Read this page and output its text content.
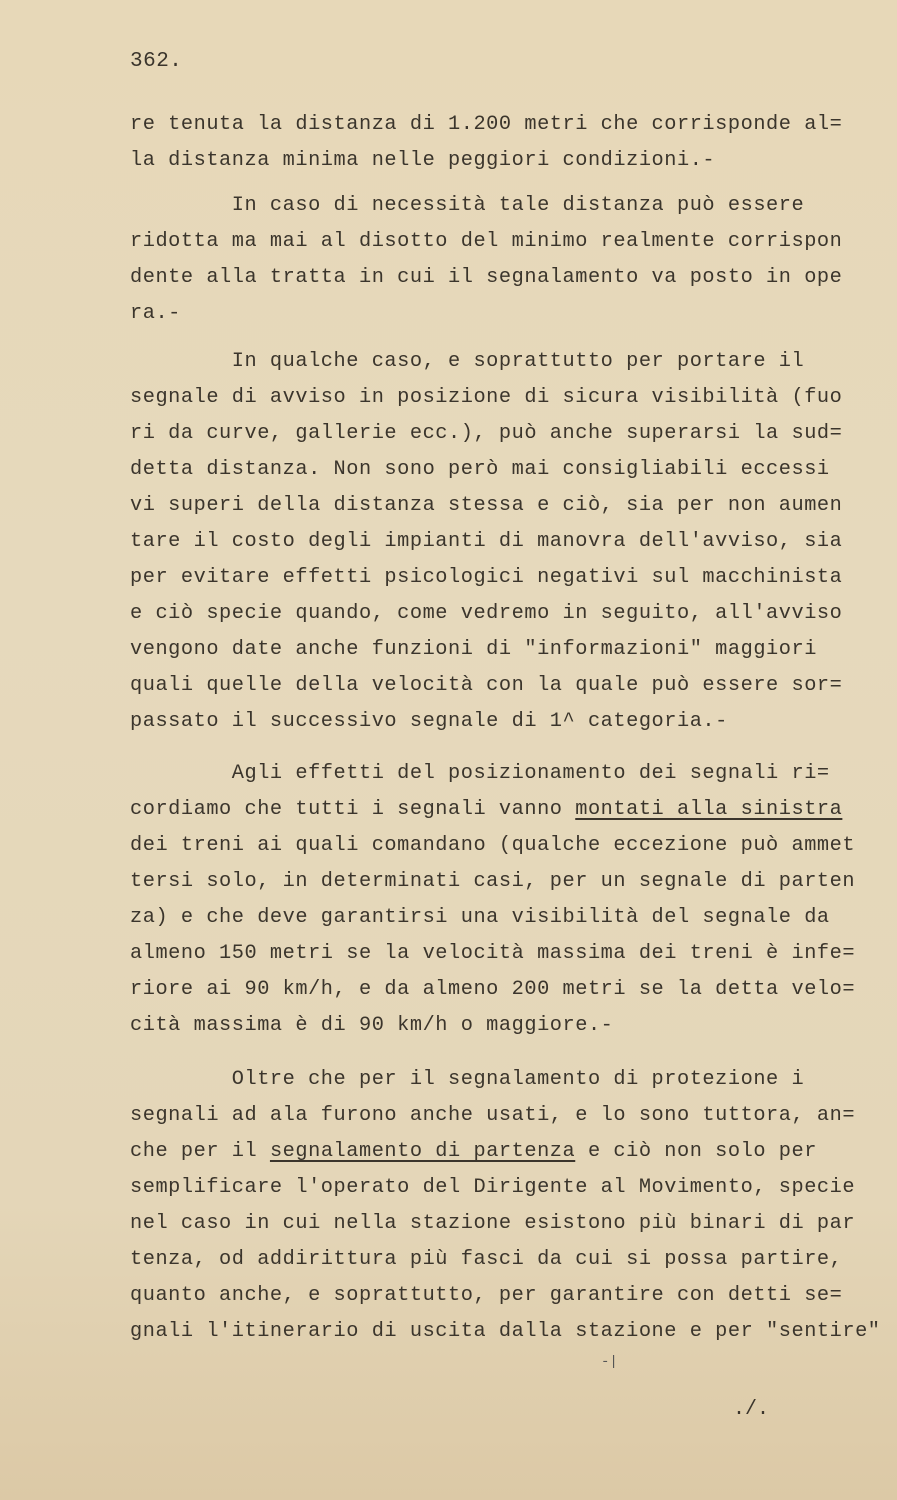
362.
re tenuta la distanza di 1.200 metri che corrisponde al=
la distanza minima nelle peggiori condizioni.-
In caso di necessità tale distanza può essere
ridotta ma mai al disotto del minimo realmente corrispon
dente alla tratta in cui il segnalamento va posto in ope
ra.-
In qualche caso, e soprattutto per portare il
segnale di avviso in posizione di sicura visibilità (fuo
ri da curve, gallerie ecc.), può anche superarsi la sud=
detta distanza. Non sono però mai consigliabili eccessi
vi superi della distanza stessa e ciò, sia per non aumen
tare il costo degli impianti di manovra dell'avviso, sia
per evitare effetti psicologici negativi sul macchinista
e ciò specie quando, come vedremo in seguito, all'avviso
vengono date anche funzioni di "informazioni" maggiori
quali quelle della velocità con la quale può essere sor=
passato il successivo segnale di 1^ categoria.-
Agli effetti del posizionamento dei segnali ri=
cordiamo che tutti i segnali vanno montati alla sinistra
dei treni ai quali comandano (qualche eccezione può ammet
tersi solo, in determinati casi, per un segnale di parten
za) e che deve garantirsi una visibilità del segnale da
almeno 150 metri se la velocità massima dei treni è infe=
riore ai 90 km/h, e da almeno 200 metri se la detta velo=
cità massima è di 90 km/h o maggiore.-
Oltre che per il segnalamento di protezione i
segnali ad ala furono anche usati, e lo sono tuttora, an=
che per il segnalamento di partenza e ciò non solo per
semplificare l'operato del Dirigente al Movimento, specie
nel caso in cui nella stazione esistono più binari di par
tenza, od addirittura più fasci da cui si possa partire,
quanto anche, e soprattutto, per garantire con detti se=
gnali l'itinerario di uscita dalla stazione e per "sentire"
-|
./.
